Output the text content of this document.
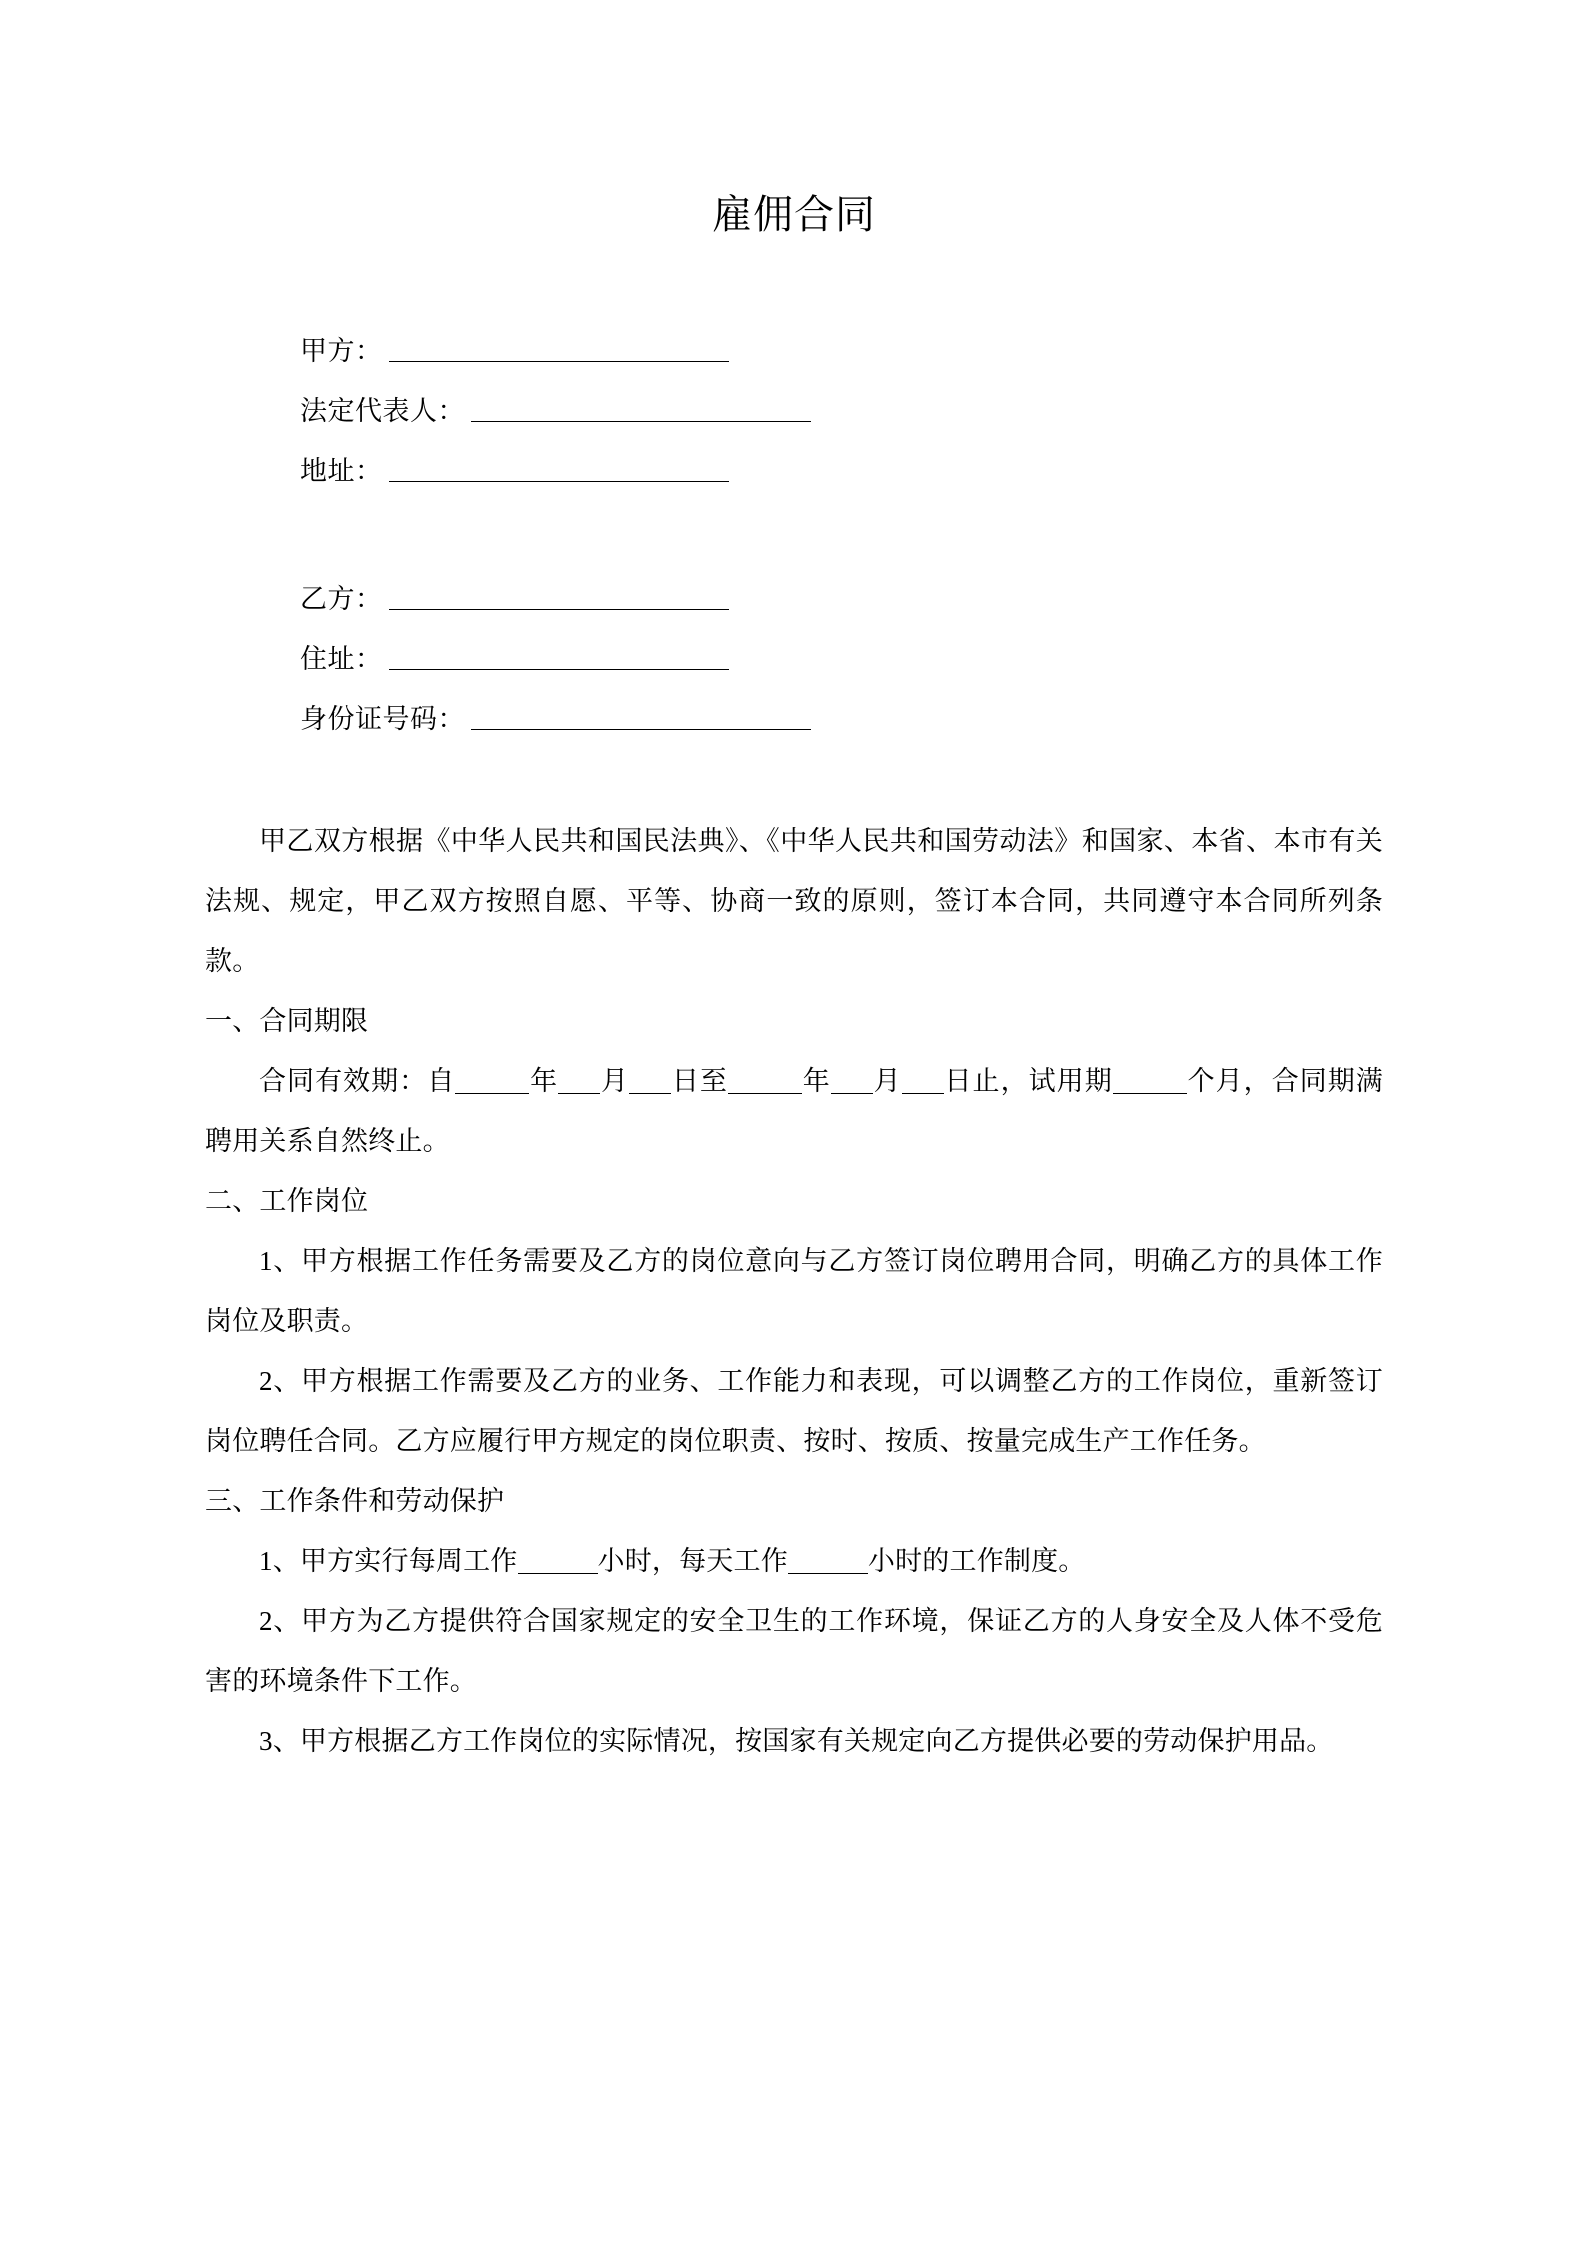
雇佣合同
甲方：
法定代表人：
地址：
乙方：
住址：
身份证号码：

甲乙双方根据《中华人民共和国民法典》、《中华人民共和国劳动法》和国家、本省、本市有关法规、规定，甲乙双方按照自愿、平等、协商一致的原则，签订本合同，共同遵守本合同所列条款。

一、合同期限

合同有效期：自	年 月 日至	年 月 日止，试用期	个月，合同期满聘用关系自然终止。

二、工作岗位

1、甲方根据工作任务需要及乙方的岗位意向与乙方签订岗位聘用合同，明确乙方的具体工作岗位及职责。

2、甲方根据工作需要及乙方的业务、工作能力和表现，可以调整乙方的工作岗位，重新签订岗位聘任合同。乙方应履行甲方规定的岗位职责、按时、按质、按量完成生产工作任务。

三、工作条件和劳动保护

1、甲方实行每周工作	小时，每天工作	小时的工作制度。

2、甲方为乙方提供符合国家规定的安全卫生的工作环境，保证乙方的人身安全及人体不受危害的环境条件下工作。

3、甲方根据乙方工作岗位的实际情况，按国家有关规定向乙方提供必要的劳动保护用品。
